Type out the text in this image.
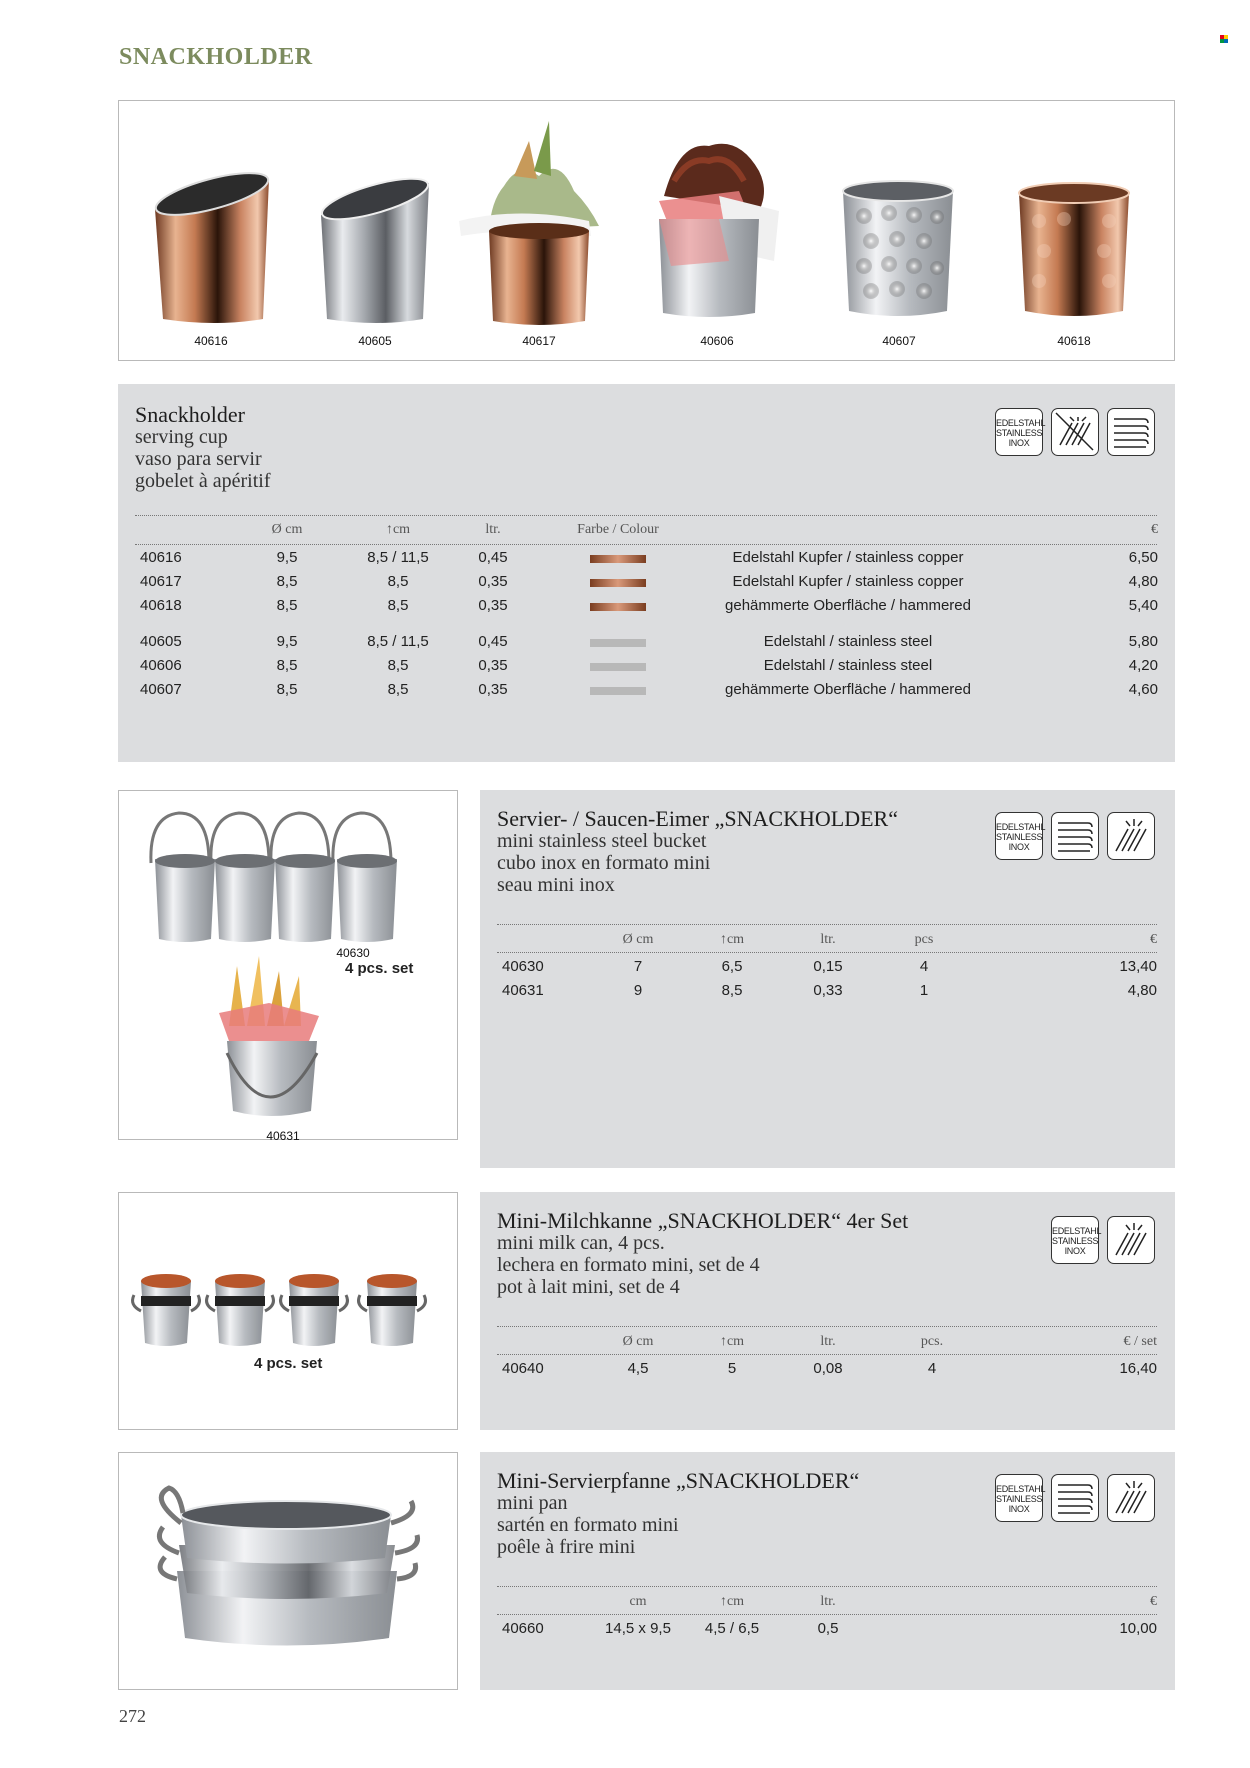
SNACKHOLDER
40616	40605	40617	40606	40607	40618
Snackholder
serving cup
vaso para servir
gobelet à apéritif
EDELSTAHL
STAINLESS
INOX
Ø cm	↑cm	ltr.	Farbe / Colour	€
40616	9,5	8,5 / 11,5	0,45	Edelstahl Kupfer / stainless copper	6,50
40617	8,5	8,5	0,35	Edelstahl Kupfer / stainless copper	4,80
40618	8,5	8,5	0,35	gehämmerte Oberfläche / hammered	5,40
40605	9,5	8,5 / 11,5	0,45	Edelstahl / stainless steel	5,80
40606	8,5	8,5	0,35	Edelstahl / stainless steel	4,20
40607	8,5	8,5	0,35	gehämmerte Oberfläche / hammered	4,60
40630
4 pcs. set
40631
Servier- / Saucen-Eimer „SNACKHOLDER“
mini stainless steel bucket
cubo inox en formato mini
seau mini inox
EDELSTAHL
STAINLESS
INOX
Ø cm	↑cm	ltr.	pcs	€
40630	7	6,5	0,15	4	13,40
40631	9	8,5	0,33	1	4,80
4 pcs. set
Mini-Milchkanne „SNACKHOLDER“ 4er Set
mini milk can, 4 pcs.
lechera en formato mini, set de 4
pot à lait mini, set de 4
EDELSTAHL
STAINLESS
INOX
Ø cm	↑cm	ltr.	pcs.	€ / set
40640	4,5	5	0,08	4	16,40
Mini-Servierpfanne „SNACKHOLDER“
mini pan
sartén en formato mini
poêle à frire mini
EDELSTAHL
STAINLESS
INOX
cm	↑cm	ltr.	€
40660	14,5 x 9,5	4,5 / 6,5	0,5	10,00
272
